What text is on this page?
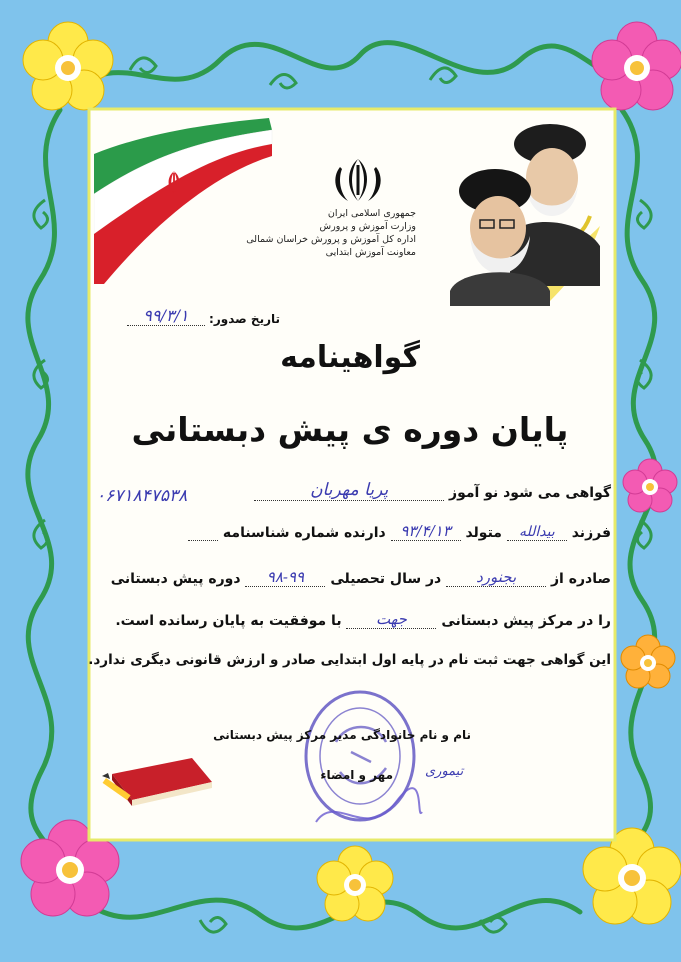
جمهوری اسلامی ایران
وزارت آموزش و پرورش
اداره کل آموزش و پرورش خراسان شمالی
معاونت آموزش ابتدایی
تاریخ صدور: ۹۹/۳/۱
گواهینامه
پایان دوره ی پیش دبستانی
گواهی می شود نو آموز پریا مهربان
۰۶۷۱۸۴۷۵۳۸
فرزند بیدالله متولد ۹۳/۴/۱۳ دارنده شماره شناسنامه
صادره از بجنورد در سال تحصیلی ۹۸-۹۹ دوره پیش دبستانی
را در مرکز پیش دبستانی جهت با موفقیت به پایان رسانده است.
این گواهی جهت ثبت نام در پایه اول ابتدایی صادر و ارزش قانونی دیگری ندارد.
نام و نام خانوادگی مدیر مرکز پیش دبستانی
مهر و امضاء تیموری
